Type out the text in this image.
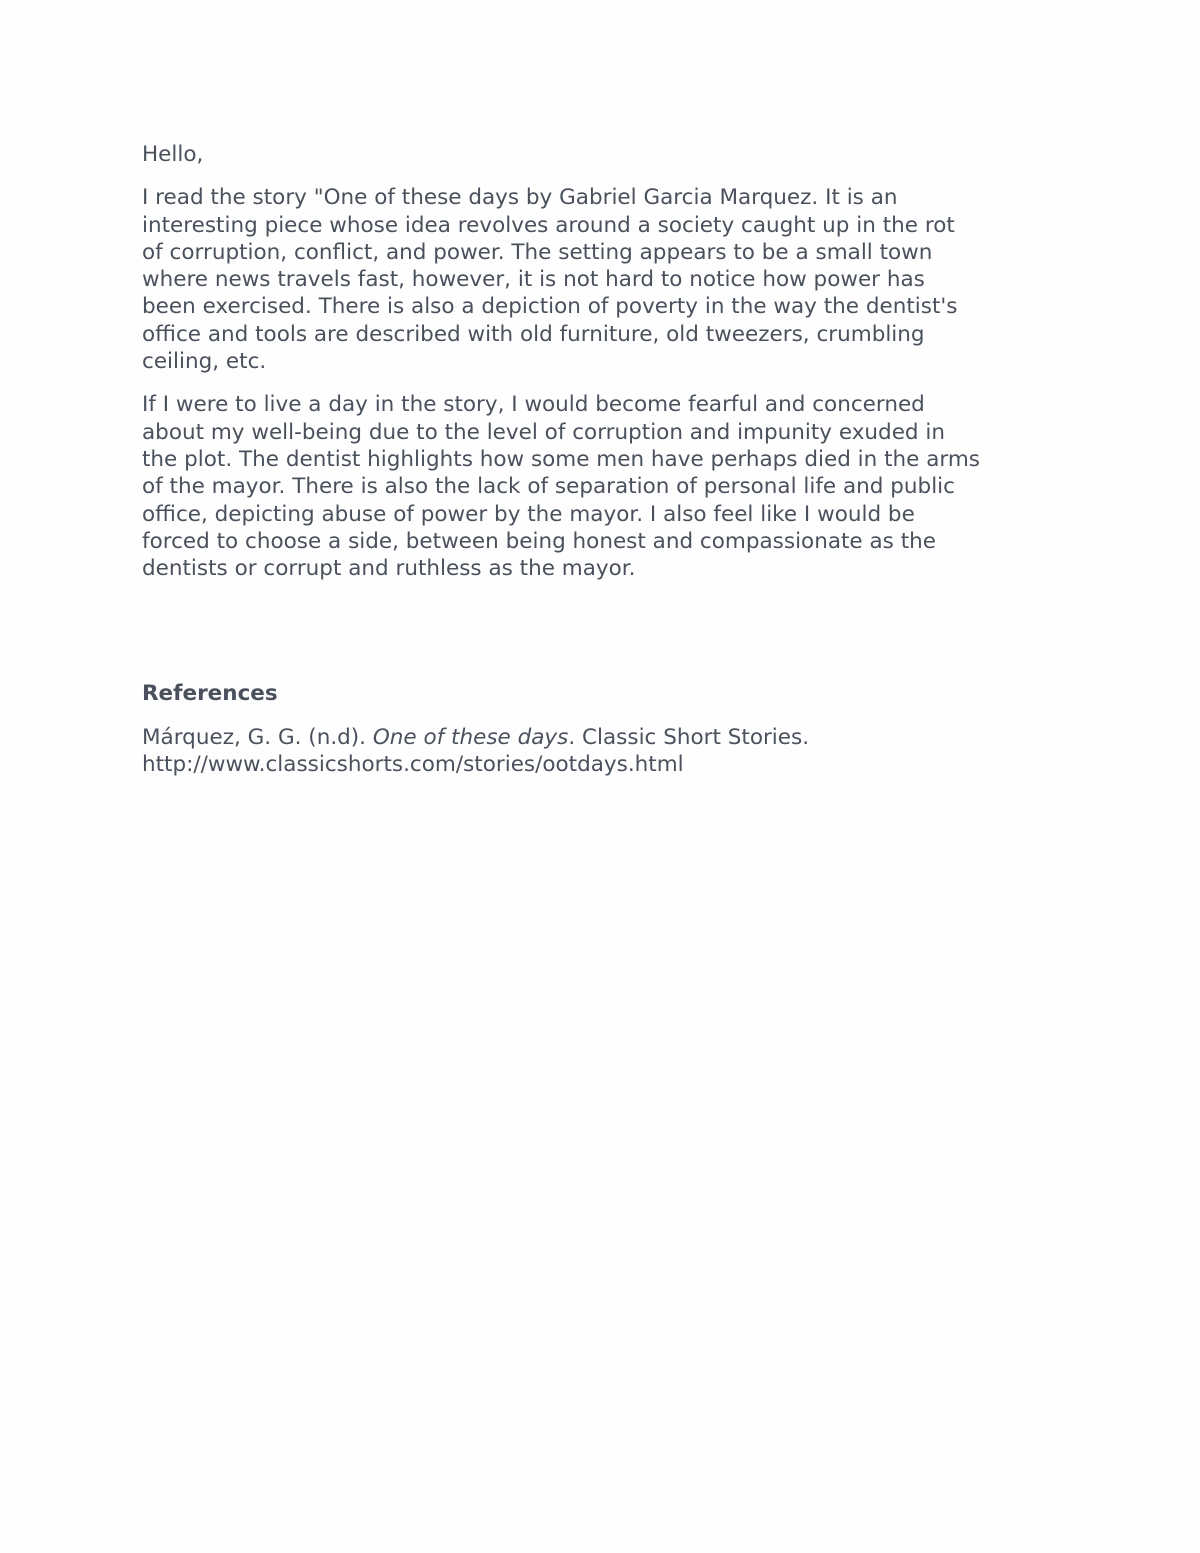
Hello,
I read the story "One of these days by Gabriel Garcia Marquez. It is an
interesting piece whose idea revolves around a society caught up in the rot
of corruption, conflict, and power. The setting appears to be a small town
where news travels fast, however, it is not hard to notice how power has
been exercised. There is also a depiction of poverty in the way the dentist's
office and tools are described with old furniture, old tweezers, crumbling
ceiling, etc.
If I were to live a day in the story, I would become fearful and concerned
about my well-being due to the level of corruption and impunity exuded in
the plot. The dentist highlights how some men have perhaps died in the arms
of the mayor. There is also the lack of separation of personal life and public
office, depicting abuse of power by the mayor. I also feel like I would be
forced to choose a side, between being honest and compassionate as the
dentists or corrupt and ruthless as the mayor.
References
Márquez, G. G. (n.d). One of these days. Classic Short Stories.
http://www.classicshorts.com/stories/ootdays.html
